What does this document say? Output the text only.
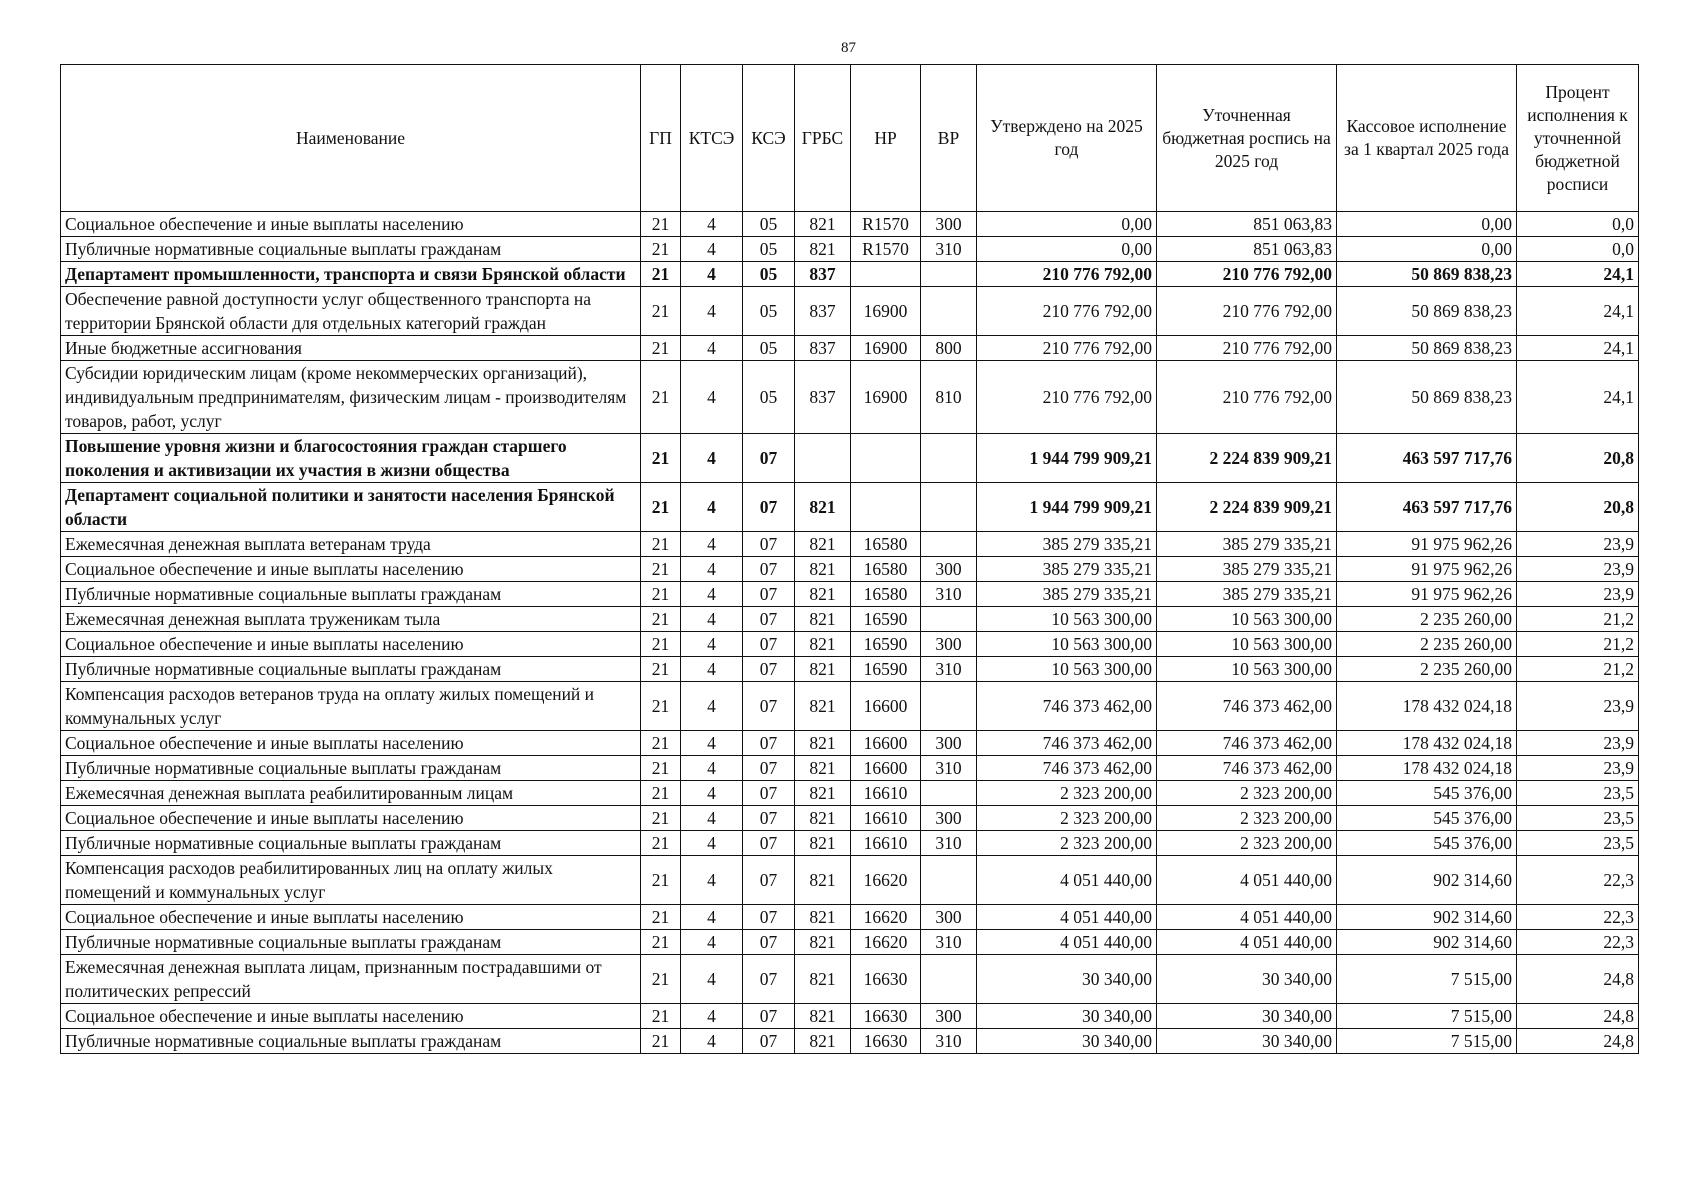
87
Наименование	ГП	КТСЭ	КСЭ	ГРБС	НР	ВР	Утверждено на 2025 год	Уточненная бюджетная роспись на 2025 год	Кассовое исполнение за 1 квартал 2025 года	Процент исполнения к уточненной бюджетной росписи
Социальное обеспечение и иные выплаты населению	21	4	05	821	R1570	300	0,00	851 063,83	0,00	0,0
Публичные нормативные социальные выплаты гражданам	21	4	05	821	R1570	310	0,00	851 063,83	0,00	0,0
Департамент промышленности, транспорта и связи Брянской области	21	4	05	837			210 776 792,00	210 776 792,00	50 869 838,23	24,1
Обеспечение равной доступности услуг общественного транспорта на территории Брянской области для отдельных категорий граждан	21	4	05	837	16900		210 776 792,00	210 776 792,00	50 869 838,23	24,1
Иные бюджетные ассигнования	21	4	05	837	16900	800	210 776 792,00	210 776 792,00	50 869 838,23	24,1
Субсидии юридическим лицам (кроме некоммерческих организаций), индивидуальным предпринимателям, физическим лицам - производителям товаров, работ, услуг	21	4	05	837	16900	810	210 776 792,00	210 776 792,00	50 869 838,23	24,1
Повышение уровня жизни и благосостояния граждан старшего поколения и активизации их участия в жизни общества	21	4	07				1 944 799 909,21	2 224 839 909,21	463 597 717,76	20,8
Департамент социальной политики и занятости населения Брянской области	21	4	07	821			1 944 799 909,21	2 224 839 909,21	463 597 717,76	20,8
Ежемесячная денежная выплата ветеранам труда	21	4	07	821	16580		385 279 335,21	385 279 335,21	91 975 962,26	23,9
Социальное обеспечение и иные выплаты населению	21	4	07	821	16580	300	385 279 335,21	385 279 335,21	91 975 962,26	23,9
Публичные нормативные социальные выплаты гражданам	21	4	07	821	16580	310	385 279 335,21	385 279 335,21	91 975 962,26	23,9
Ежемесячная денежная выплата труженикам тыла	21	4	07	821	16590		10 563 300,00	10 563 300,00	2 235 260,00	21,2
Социальное обеспечение и иные выплаты населению	21	4	07	821	16590	300	10 563 300,00	10 563 300,00	2 235 260,00	21,2
Публичные нормативные социальные выплаты гражданам	21	4	07	821	16590	310	10 563 300,00	10 563 300,00	2 235 260,00	21,2
Компенсация расходов ветеранов труда на оплату жилых помещений и коммунальных услуг	21	4	07	821	16600		746 373 462,00	746 373 462,00	178 432 024,18	23,9
Социальное обеспечение и иные выплаты населению	21	4	07	821	16600	300	746 373 462,00	746 373 462,00	178 432 024,18	23,9
Публичные нормативные социальные выплаты гражданам	21	4	07	821	16600	310	746 373 462,00	746 373 462,00	178 432 024,18	23,9
Ежемесячная денежная выплата реабилитированным лицам	21	4	07	821	16610		2 323 200,00	2 323 200,00	545 376,00	23,5
Социальное обеспечение и иные выплаты населению	21	4	07	821	16610	300	2 323 200,00	2 323 200,00	545 376,00	23,5
Публичные нормативные социальные выплаты гражданам	21	4	07	821	16610	310	2 323 200,00	2 323 200,00	545 376,00	23,5
Компенсация расходов реабилитированных лиц на оплату жилых помещений и коммунальных услуг	21	4	07	821	16620		4 051 440,00	4 051 440,00	902 314,60	22,3
Социальное обеспечение и иные выплаты населению	21	4	07	821	16620	300	4 051 440,00	4 051 440,00	902 314,60	22,3
Публичные нормативные социальные выплаты гражданам	21	4	07	821	16620	310	4 051 440,00	4 051 440,00	902 314,60	22,3
Ежемесячная денежная выплата лицам, признанным пострадавшими от политических репрессий	21	4	07	821	16630		30 340,00	30 340,00	7 515,00	24,8
Социальное обеспечение и иные выплаты населению	21	4	07	821	16630	300	30 340,00	30 340,00	7 515,00	24,8
Публичные нормативные социальные выплаты гражданам	21	4	07	821	16630	310	30 340,00	30 340,00	7 515,00	24,8
